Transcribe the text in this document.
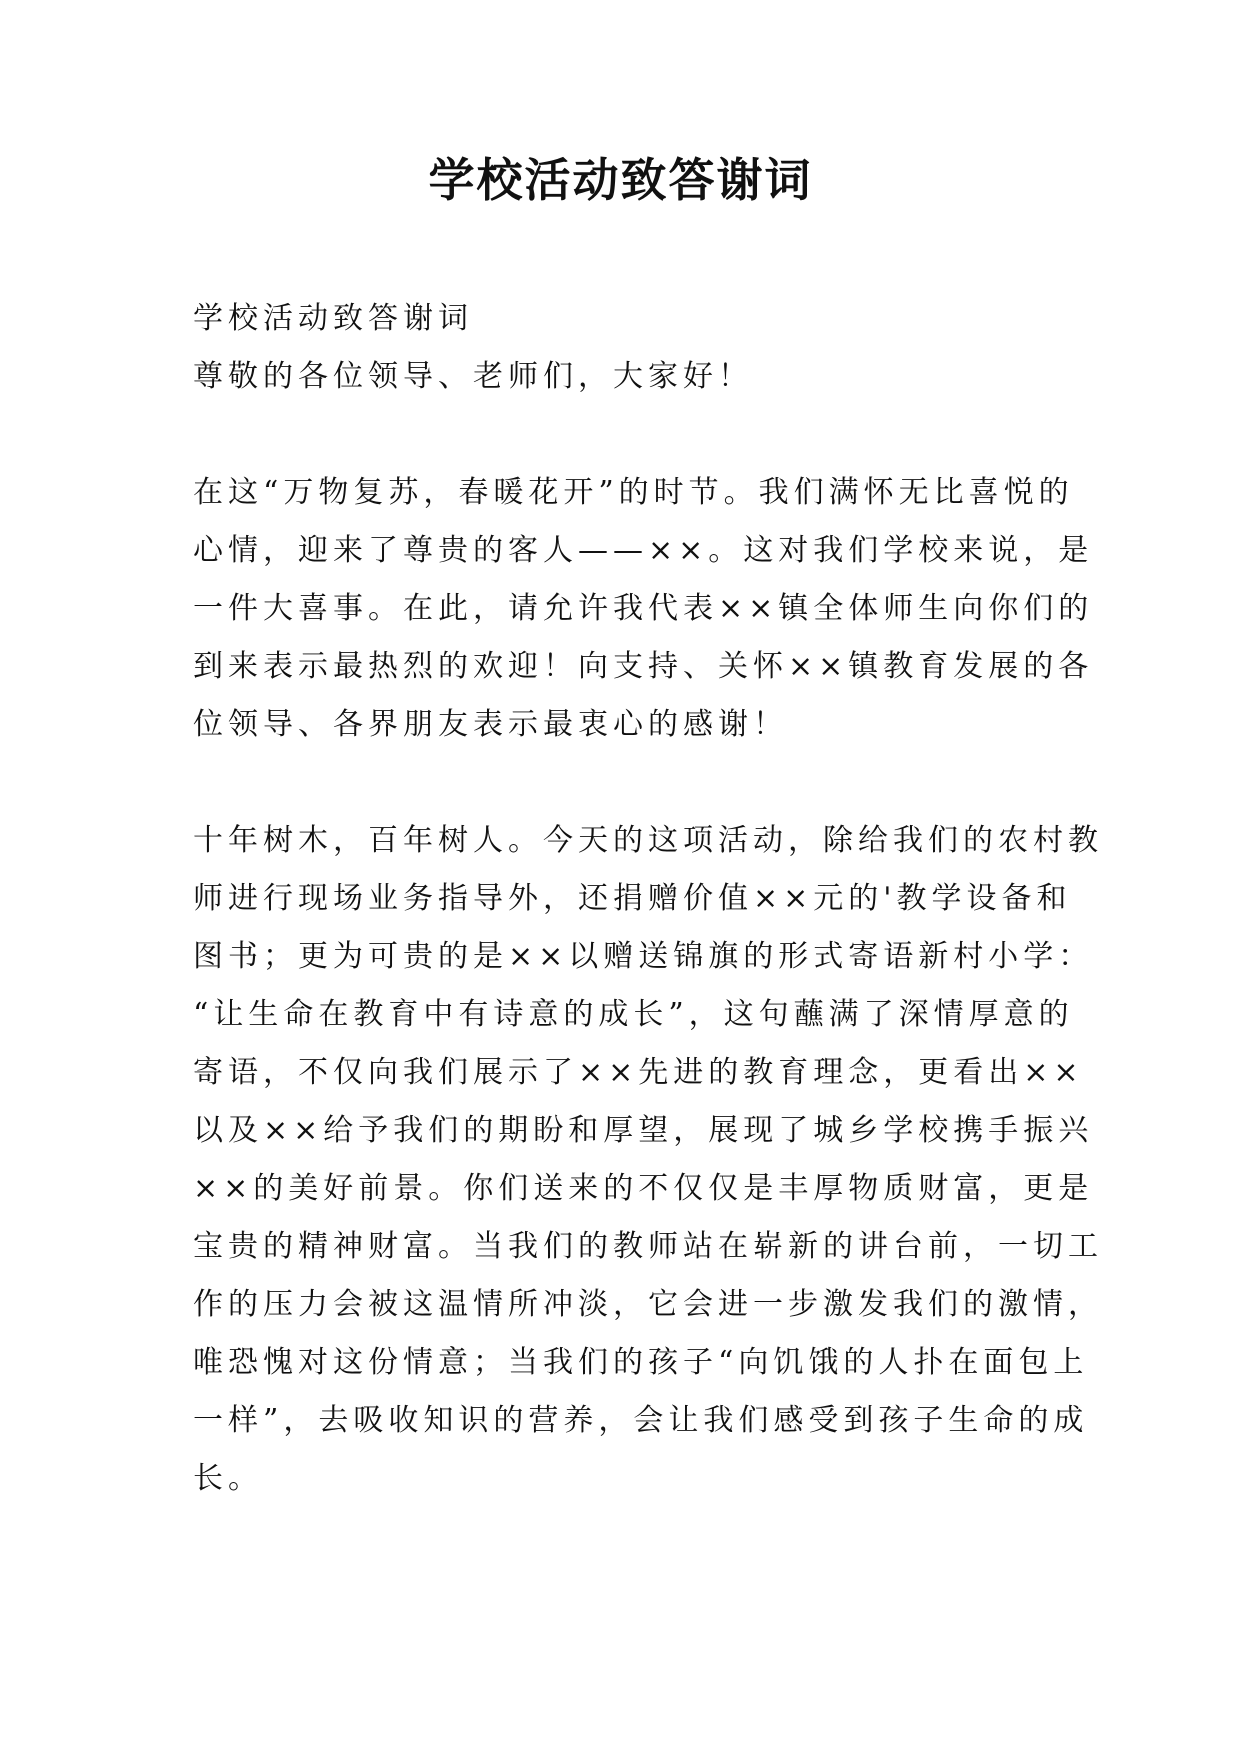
学校活动致答谢词

学校活动致答谢词

尊敬的各位领导、老师们，大家好！

在这“万物复苏，春暖花开”的时节。我们满怀无比喜悦的

心情，迎来了尊贵的客人——××。这对我们学校来说，是

一件大喜事。在此，请允许我代表××镇全体师生向你们的

到来表示最热烈的欢迎！向支持、关怀××镇教育发展的各

位领导、各界朋友表示最衷心的感谢！

十年树木，百年树人。今天的这项活动，除给我们的农村教

师进行现场业务指导外，还捐赠价值××元的'教学设备和

图书；更为可贵的是××以赠送锦旗的形式寄语新村小学：

“让生命在教育中有诗意的成长”，这句蘸满了深情厚意的

寄语，不仅向我们展示了××先进的教育理念，更看出××

以及××给予我们的期盼和厚望，展现了城乡学校携手振兴

××的美好前景。你们送来的不仅仅是丰厚物质财富，更是

宝贵的精神财富。当我们的教师站在崭新的讲台前，一切工

作的压力会被这温情所冲淡，它会进一步激发我们的激情，

唯恐愧对这份情意；当我们的孩子“向饥饿的人扑在面包上

一样”，去吸收知识的营养，会让我们感受到孩子生命的成

长。
